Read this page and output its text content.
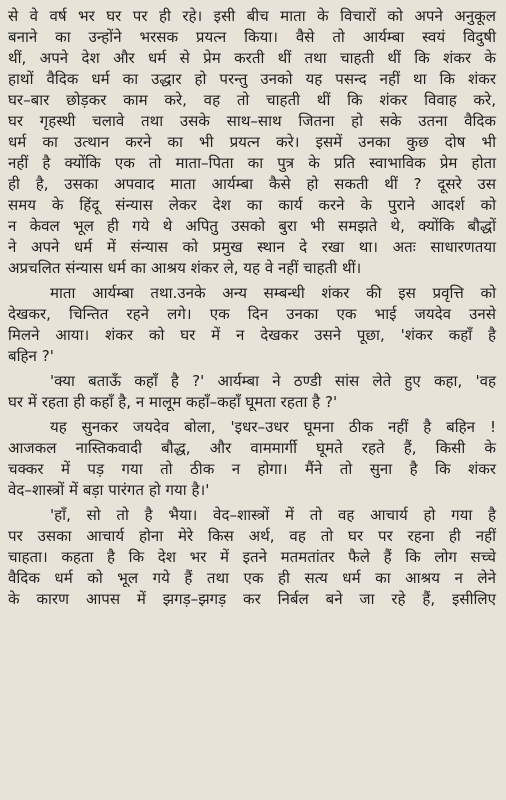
से वे वर्ष भर घर पर ही रहे। इसी बीच माता के विचारों को अपने अनुकूल
बनाने का उन्होंने भरसक प्रयत्न किया। वैसे तो आर्यम्बा स्वयं विदुषी
थीं, अपने देश और धर्म से प्रेम करती थीं तथा चाहती थीं कि शंकर के
हाथों वैदिक धर्म का उद्धार हो परन्तु उनको यह पसन्द नहीं था कि शंकर
घर–बार छोड़कर काम करे, वह तो चाहती थीं कि शंकर विवाह करे,
घर गृहस्थी चलावे तथा उसके साथ–साथ जितना हो सके उतना वैदिक
धर्म का उत्थान करने का भी प्रयत्न करे। इसमें उनका कुछ दोष भी
नहीं है क्योंकि एक तो माता–पिता का पुत्र के प्रति स्वाभाविक प्रेम होता
ही है, उसका अपवाद माता आर्यम्बा कैसे हो सकती थीं ? दूसरे उस
समय के हिंदू संन्यास लेकर देश का कार्य करने के पुराने आदर्श को
न केवल भूल ही गये थे अपितु उसको बुरा भी समझते थे, क्योंकि बौद्धों
ने अपने धर्म में संन्यास को प्रमुख स्थान दे रखा था। अतः साधारणतया
अप्रचलित संन्यास धर्म का आश्रय शंकर ले, यह वे नहीं चाहती थीं।

माता आर्यम्बा तथा.उनके अन्य सम्बन्धी शंकर की इस प्रवृत्ति को
देखकर, चिन्तित रहने लगे। एक दिन उनका एक भाई जयदेव उनसे
मिलने आया। शंकर को घर में न देखकर उसने पूछा, 'शंकर कहाँ है
बहिन ?'

'क्या बताऊँ कहाँ है ?' आर्यम्बा ने ठण्डी सांस लेते हुए कहा, 'वह
घर में रहता ही कहाँ है, न मालूम कहाँ–कहाँ घूमता रहता है ?'

यह सुनकर जयदेव बोला, 'इधर–उधर घूमना ठीक नहीं है बहिन !
आजकल नास्तिकवादी बौद्ध, और वाममार्गी घूमते रहते हैं, किसी के
चक्कर में पड़ गया तो ठीक न होगा। मैंने तो सुना है कि शंकर
वेद–शास्त्रों में बड़ा पारंगत हो गया है।'

'हाँ, सो तो है भैया। वेद–शास्त्रों में तो वह आचार्य हो गया है
पर उसका आचार्य होना मेरे किस अर्थ, वह तो घर पर रहना ही नहीं
चाहता। कहता है कि देश भर में इतने मतमतांतर फैले हैं कि लोग सच्चे
वैदिक धर्म को भूल गये हैं तथा एक ही सत्य धर्म का आश्रय न लेने
के कारण आपस में झगड़–झगड़ कर निर्बल बने जा रहे हैं, इसीलिए
